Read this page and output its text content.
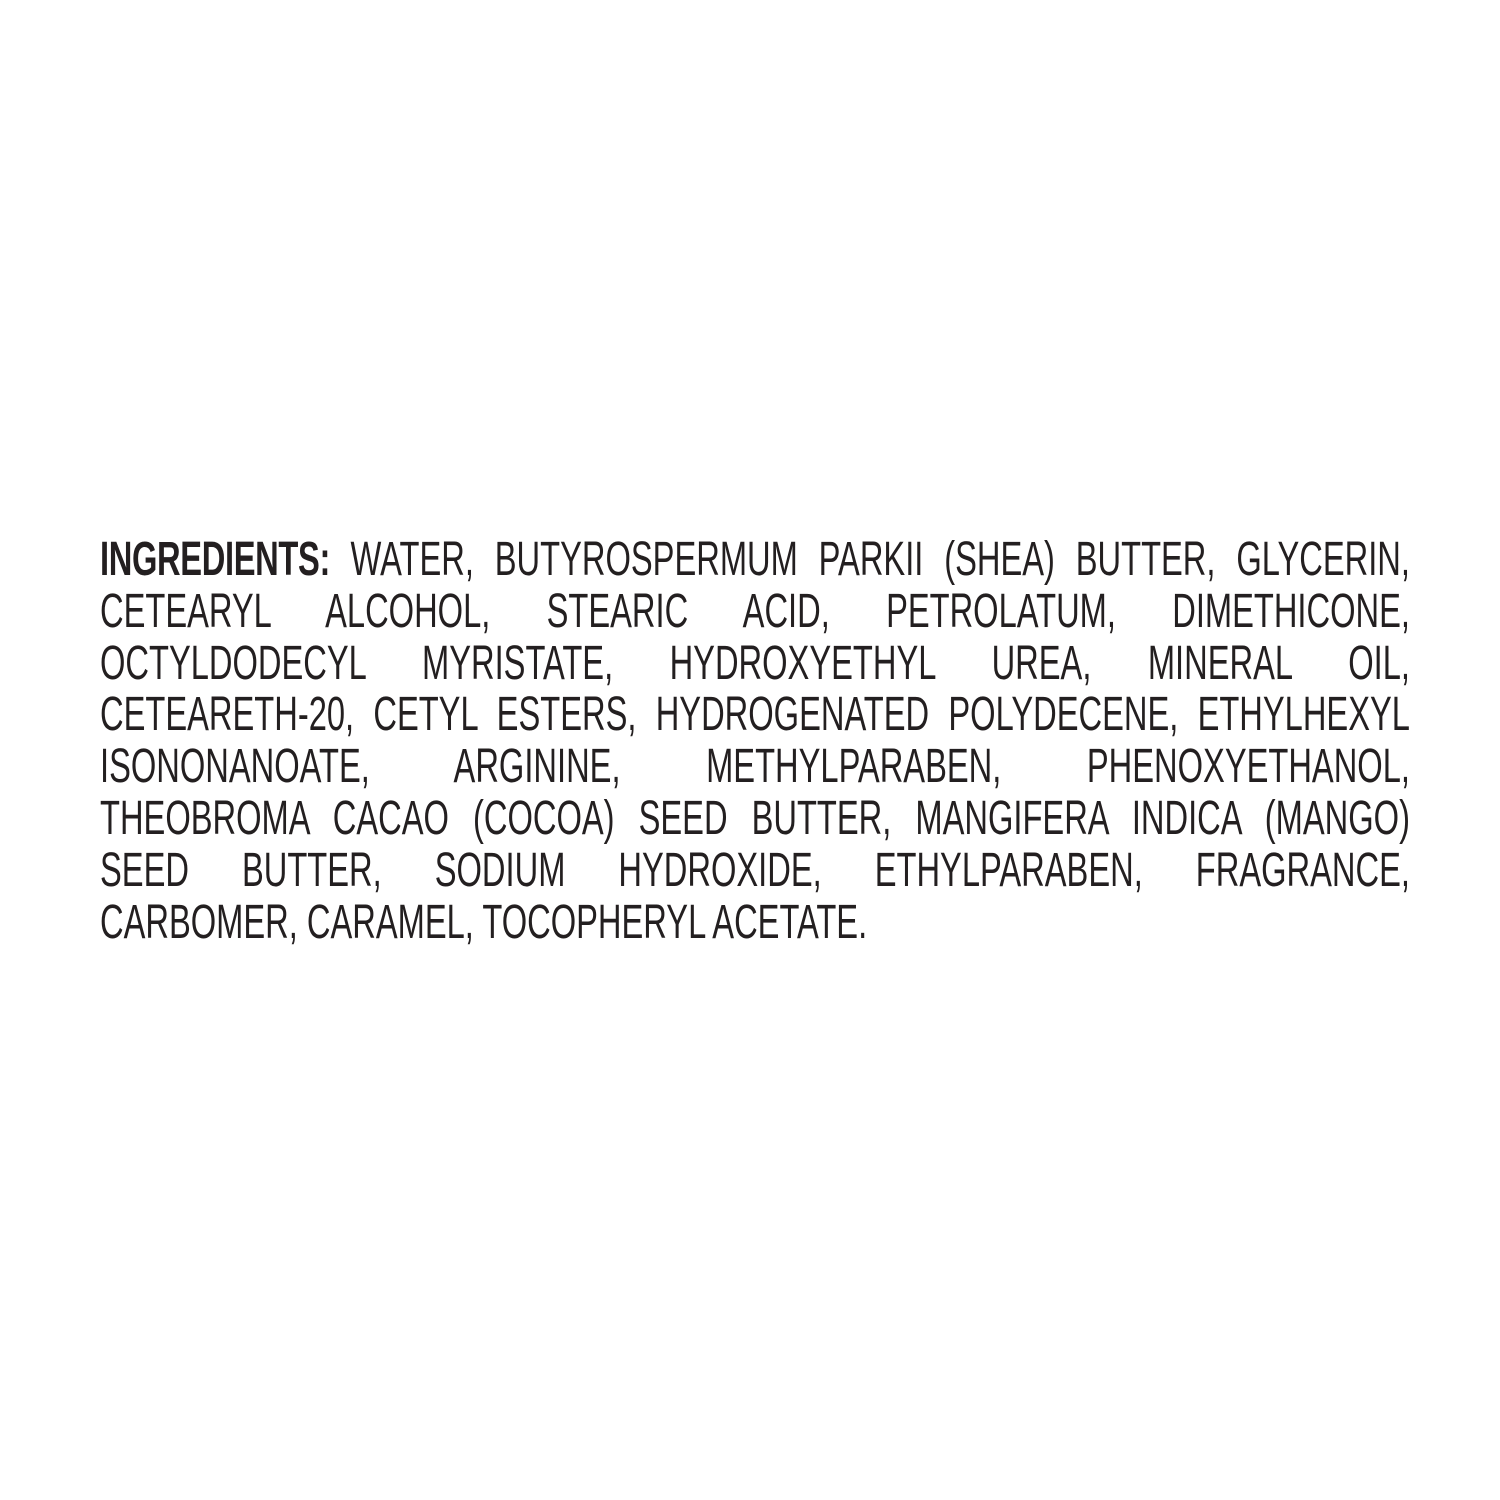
INGREDIENTS: WATER, BUTYROSPERMUM PARKII (SHEA) BUTTER, GLYCERIN,
CETEARYL ALCOHOL, STEARIC ACID, PETROLATUM, DIMETHICONE,
OCTYLDODECYL MYRISTATE, HYDROXYETHYL UREA, MINERAL OIL,
CETEARETH-20, CETYL ESTERS, HYDROGENATED POLYDECENE, ETHYLHEXYL
ISONONANOATE, ARGININE, METHYLPARABEN, PHENOXYETHANOL,
THEOBROMA CACAO (COCOA) SEED BUTTER, MANGIFERA INDICA (MANGO)
SEED BUTTER, SODIUM HYDROXIDE, ETHYLPARABEN, FRAGRANCE,
CARBOMER, CARAMEL, TOCOPHERYL ACETATE.
